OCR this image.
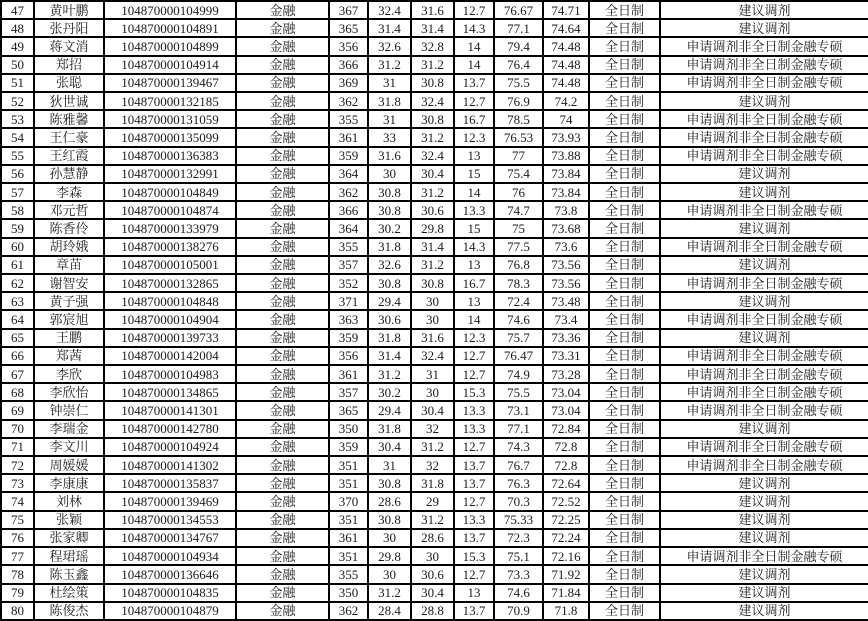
47	黄叶鹏	104870000104999	金融	367	32.4	31.6	12.7	76.67	74.71	全日制	建议调剂
48	张丹阳	104870000104891	金融	365	31.4	31.4	14.3	77.1	74.64	全日制	建议调剂
49	蒋文消	104870000104899	金融	356	32.6	32.8	14	79.4	74.48	全日制	申请调剂非全日制金融专硕
50	郑招	104870000104914	金融	366	31.2	31.2	14	76.4	74.48	全日制	申请调剂非全日制金融专硕
51	张聪	104870000139467	金融	369	31	30.8	13.7	75.5	74.48	全日制	申请调剂非全日制金融专硕
52	狄世诚	104870000132185	金融	362	31.8	32.4	12.7	76.9	74.2	全日制	建议调剂
53	陈雅馨	104870000131059	金融	355	31	30.8	16.7	78.5	74	全日制	申请调剂非全日制金融专硕
54	王仁豪	104870000135099	金融	361	33	31.2	12.3	76.53	73.93	全日制	申请调剂非全日制金融专硕
55	王红霞	104870000136383	金融	359	31.6	32.4	13	77	73.88	全日制	申请调剂非全日制金融专硕
56	孙慧静	104870000132991	金融	364	30	30.4	15	75.4	73.84	全日制	建议调剂
57	李森	104870000104849	金融	362	30.8	31.2	14	76	73.84	全日制	建议调剂
58	邓元哲	104870000104874	金融	366	30.8	30.6	13.3	74.7	73.8	全日制	申请调剂非全日制金融专硕
59	陈香伶	104870000133979	金融	364	30.2	29.8	15	75	73.68	全日制	建议调剂
60	胡玲娥	104870000138276	金融	355	31.8	31.4	14.3	77.5	73.6	全日制	申请调剂非全日制金融专硕
61	章苗	104870000105001	金融	357	32.6	31.2	13	76.8	73.56	全日制	建议调剂
62	谢智安	104870000132865	金融	352	30.8	30.8	16.7	78.3	73.56	全日制	申请调剂非全日制金融专硕
63	黄子强	104870000104848	金融	371	29.4	30	13	72.4	73.48	全日制	建议调剂
64	郭宸旭	104870000104904	金融	363	30.6	30	14	74.6	73.4	全日制	申请调剂非全日制金融专硕
65	王鹏	104870000139733	金融	359	31.8	31.6	12.3	75.7	73.36	全日制	建议调剂
66	郑茜	104870000142004	金融	356	31.4	32.4	12.7	76.47	73.31	全日制	申请调剂非全日制金融专硕
67	李欣	104870000104983	金融	361	31.2	31	12.7	74.9	73.28	全日制	申请调剂非全日制金融专硕
68	李欣怡	104870000134865	金融	357	30.2	30	15.3	75.5	73.04	全日制	申请调剂非全日制金融专硕
69	钟崇仁	104870000141301	金融	365	29.4	30.4	13.3	73.1	73.04	全日制	申请调剂非全日制金融专硕
70	李瑞金	104870000142780	金融	350	31.8	32	13.3	77.1	72.84	全日制	建议调剂
71	李文川	104870000104924	金融	359	30.4	31.2	12.7	74.3	72.8	全日制	申请调剂非全日制金融专硕
72	周媛媛	104870000141302	金融	351	31	32	13.7	76.7	72.8	全日制	申请调剂非全日制金融专硕
73	李康康	104870000135837	金融	351	30.8	31.8	13.7	76.3	72.64	全日制	建议调剂
74	刘林	104870000139469	金融	370	28.6	29	12.7	70.3	72.52	全日制	建议调剂
75	张颖	104870000134553	金融	351	30.8	31.2	13.3	75.33	72.25	全日制	建议调剂
76	张家卿	104870000134767	金融	361	30	28.6	13.7	72.3	72.24	全日制	建议调剂
77	程珺瑶	104870000104934	金融	351	29.8	30	15.3	75.1	72.16	全日制	申请调剂非全日制金融专硕
78	陈玉鑫	104870000136646	金融	355	30	30.6	12.7	73.3	71.92	全日制	建议调剂
79	杜绘策	104870000104835	金融	350	31.2	30.4	13	74.6	71.84	全日制	建议调剂
80	陈俊杰	104870000104879	金融	362	28.4	28.8	13.7	70.9	71.8	全日制	建议调剂
